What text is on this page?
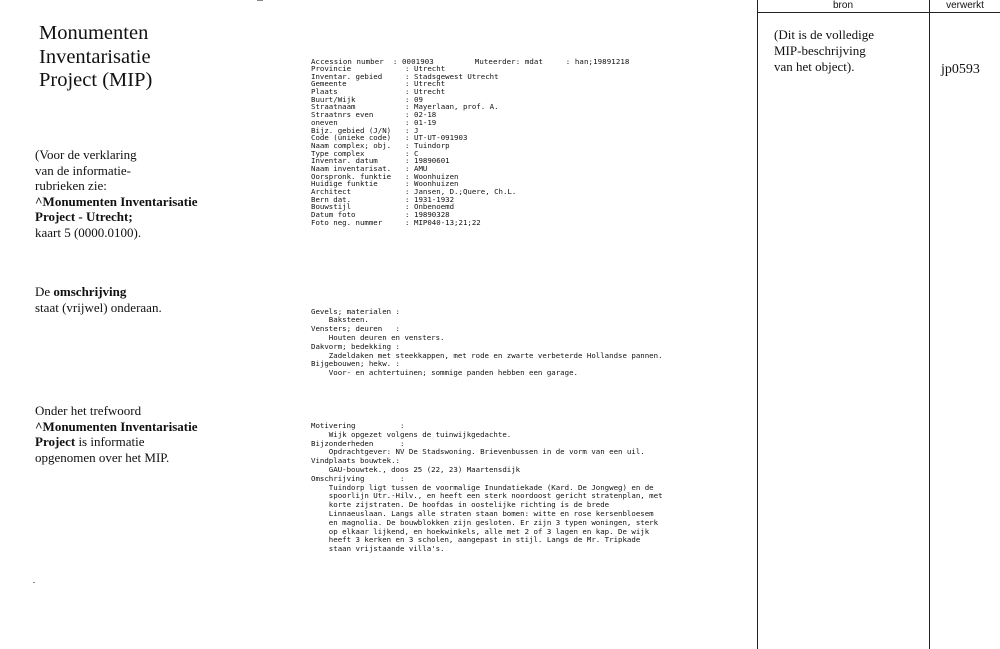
Monumenten
Inventarisatie
Project (MIP)
(Voor de verklaring
van de informatie-
rubrieken zie:
^Monumenten Inventarisatie
Project - Utrecht;
kaart 5 (0000.0100).
De omschrijving
staat (vrijwel) onderaan.
Onder het trefwoord
^Monumenten Inventarisatie
Project is informatie
opgenomen over het MIP.
Accession number  : 0001903         Muteerder: mdat     : han;19891218
Provincie	: Utrecht
Inventar. gebied	: Stadsgewest Utrecht
Gemeente	: Utrecht
Plaats	: Utrecht
Buurt/Wijk	: 09
Straatnaam	: Mayerlaan, prof. A.
Straatnrs even	: 02-18
oneven	: 01-19
Bijz. gebied (J/N) : J
Code (unieke code) : UT-UT-091903
Naam complex; obj. : Tuindorp
Type complex	: C
Inventar. datum	: 19890601
Naam inventarisat. : AMU
Oorspronk. funktie : Woonhuizen
Huidige funktie	: Woonhuizen
Architect	: Jansen, D.;Quere, Ch.L.
Bern dat.	: 1931-1932
Bouwstijl	: Onbenoemd
Datum foto	: 19890328
Foto neg. nummer	: MIP040-13;21;22

Gevels; materialen :
Baksteen.
Vensters; deuren   :
Houten deuren en vensters.
Dakvorm; bedekking :
Zadeldaken met steekkappen, met rode en zwarte verbeterde Hollandse pannen.
Bijgebouwen; hekw. :
Voor- en achtertuinen; sommige panden hebben een garage.

Motivering          :
Wijk opgezet volgens de tuinwijkgedachte.
Bijzonderheden      :
Opdrachtgever: NV De Stadswoning. Brievenbussen in de vorm van een uil.
Vindplaats bouwtek.:
GAU-bouwtek., doos 25 (22, 23) Maartensdijk
Omschrijving        :
Tuindorp ligt tussen de voormalige Inundatiekade (Kard. De Jongweg) en de
spoorlijn Utr.-Hilv., en heeft een sterk noordoost gericht stratenplan, met
korte zijstraten. De hoofdas in oostelijke richting is de brede
Linnaeuslaan. Langs alle straten staan bomen: witte en rose kersenbloesem
en magnolia. De bouwblokken zijn gesloten. Er zijn 3 typen woningen, sterk
op elkaar lijkend, en hoekwinkels, alle met 2 of 3 lagen en kap. De wijk
heeft 3 kerken en 3 scholen, aangepast in stijl. Langs de Mr. Tripkade
staan vrijstaande villa's.

bron	verwerkt
(Dit is de volledige
MIP-beschrijving
van het object).	jp0593
